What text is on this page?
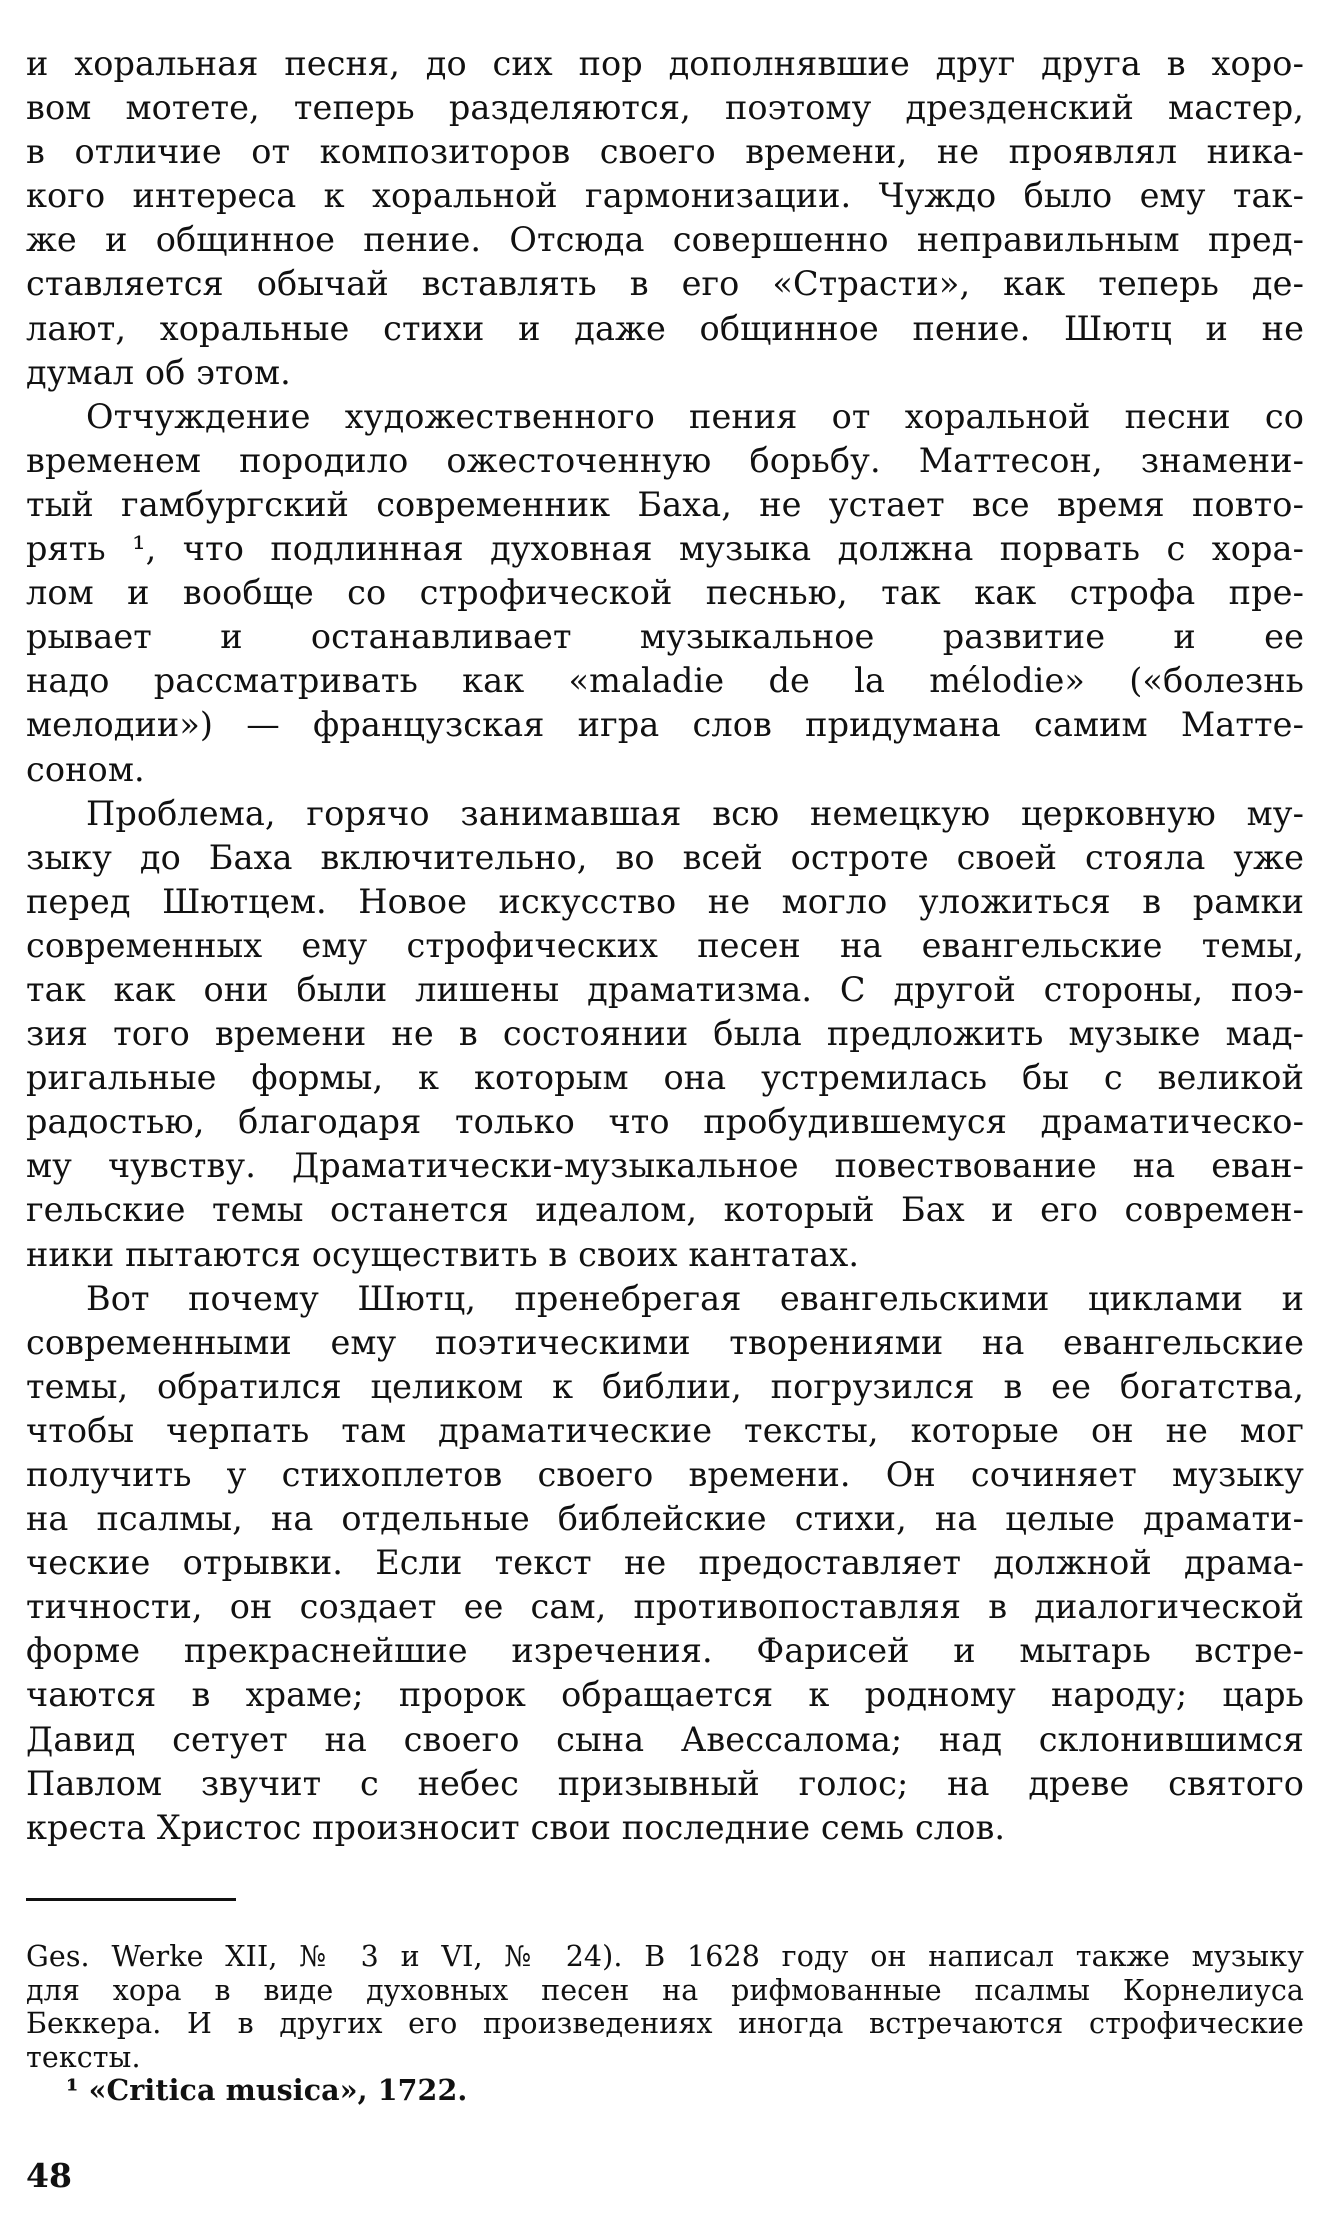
и хоральная песня, до сих пор дополнявшие друг друга в хоро-
вом мотете, теперь разделяются, поэтому дрезденский мастер,
в отличие от композиторов своего времени, не проявлял ника-
кого интереса к хоральной гармонизации. Чуждо было ему так-
же и общинное пение. Отсюда совершенно неправильным пред-
ставляется обычай вставлять в его «Страсти», как теперь де-
лают, хоральные стихи и даже общинное пение. Шютц и не
думал об этом.
Отчуждение художественного пения от хоральной песни со
временем породило ожесточенную борьбу. Маттесон, знамени-
тый гамбургский современник Баха, не устает все время повто-
рять ¹, что подлинная духовная музыка должна порвать с хора-
лом и вообще со строфической песнью, так как строфа пре-
рывает и останавливает музыкальное развитие и ее
надо рассматривать как «maladie de la mélodie» («болезнь
мелодии») — французская игра слов придумана самим Матте-
соном.
Проблема, горячо занимавшая всю немецкую церковную му-
зыку до Баха включительно, во всей остроте своей стояла уже
перед Шютцем. Новое искусство не могло уложиться в рамки
современных ему строфических песен на евангельские темы,
так как они были лишены драматизма. С другой стороны, поэ-
зия того времени не в состоянии была предложить музыке мад-
ригальные формы, к которым она устремилась бы с великой
радостью, благодаря только что пробудившемуся драматическо-
му чувству. Драматически-музыкальное повествование на еван-
гельские темы останется идеалом, который Бах и его современ-
ники пытаются осуществить в своих кантатах.
Вот почему Шютц, пренебрегая евангельскими циклами и
современными ему поэтическими творениями на евангельские
темы, обратился целиком к библии, погрузился в ее богатства,
чтобы черпать там драматические тексты, которые он не мог
получить у стихоплетов своего времени. Он сочиняет музыку
на псалмы, на отдельные библейские стихи, на целые драмати-
ческие отрывки. Если текст не предоставляет должной драма-
тичности, он создает ее сам, противопоставляя в диалогической
форме прекраснейшие изречения. Фарисей и мытарь встре-
чаются в храме; пророк обращается к родному народу; царь
Давид сетует на своего сына Авессалома; над склонившимся
Павлом звучит с небес призывный голос; на древе святого
креста Христос произносит свои последние семь слов.
Ges. Werke XII, № 3 и VI, № 24). В 1628 году он написал также музыку
для хора в виде духовных песен на рифмованные псалмы Корнелиуса
Беккера. И в других его произведениях иногда встречаются строфические
тексты.
¹ «Critica musica», 1722.
48
